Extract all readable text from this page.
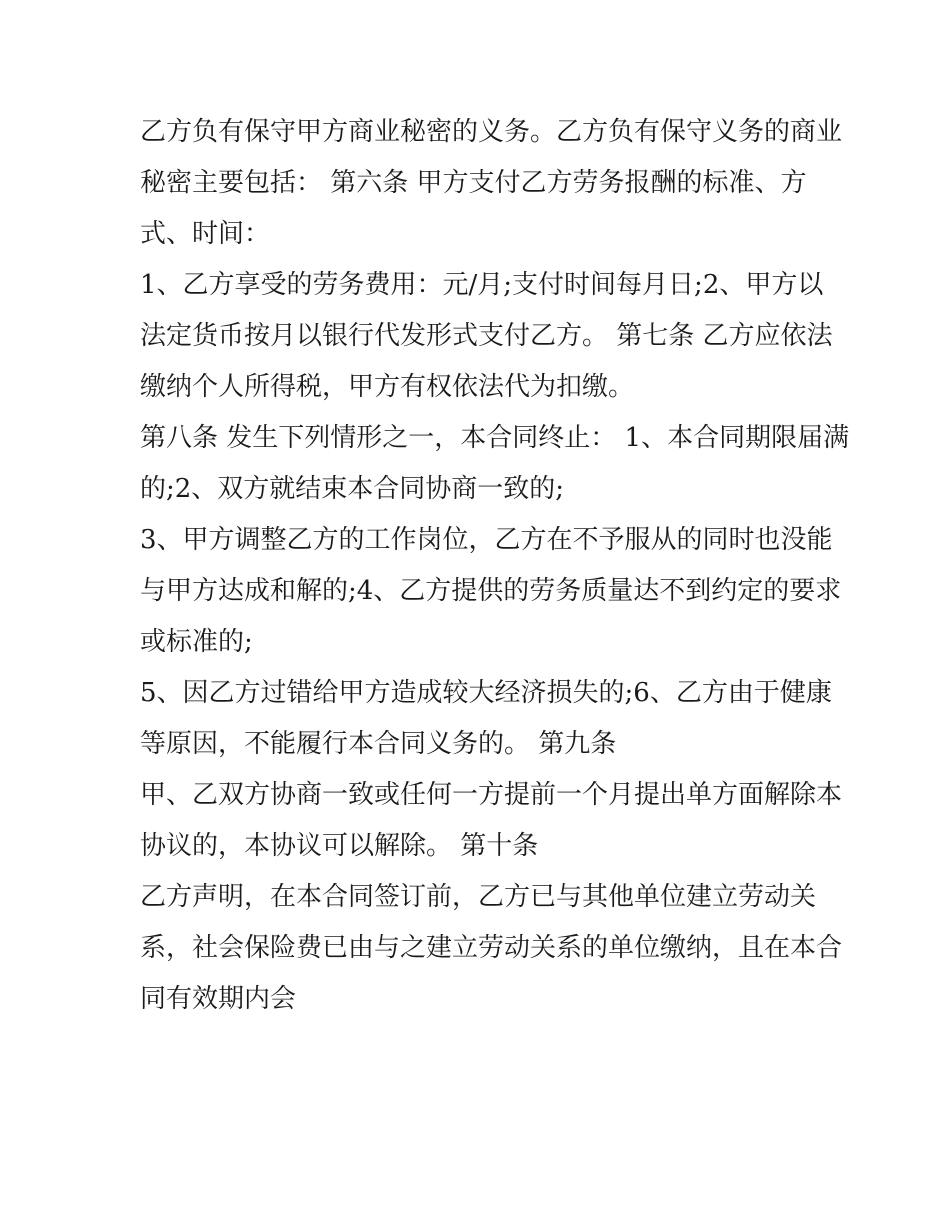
乙方负有保守甲方商业秘密的义务。乙方负有保守义务的商业
秘密主要包括： 第六条 甲方支付乙方劳务报酬的标准、方
式、时间：
1、乙方享受的劳务费用：元/月;支付时间每月日;2、甲方以
法定货币按月以银行代发形式支付乙方。 第七条 乙方应依法
缴纳个人所得税，甲方有权依法代为扣缴。
第八条 发生下列情形之一，本合同终止： 1、本合同期限届满
的;2、双方就结束本合同协商一致的;
3、甲方调整乙方的工作岗位，乙方在不予服从的同时也没能
与甲方达成和解的;4、乙方提供的劳务质量达不到约定的要求
或标准的;
5、因乙方过错给甲方造成较大经济损失的;6、乙方由于健康
等原因，不能履行本合同义务的。 第九条
甲、乙双方协商一致或任何一方提前一个月提出单方面解除本
协议的，本协议可以解除。 第十条
乙方声明，在本合同签订前，乙方已与其他单位建立劳动关
系，社会保险费已由与之建立劳动关系的单位缴纳，且在本合
同有效期内会
